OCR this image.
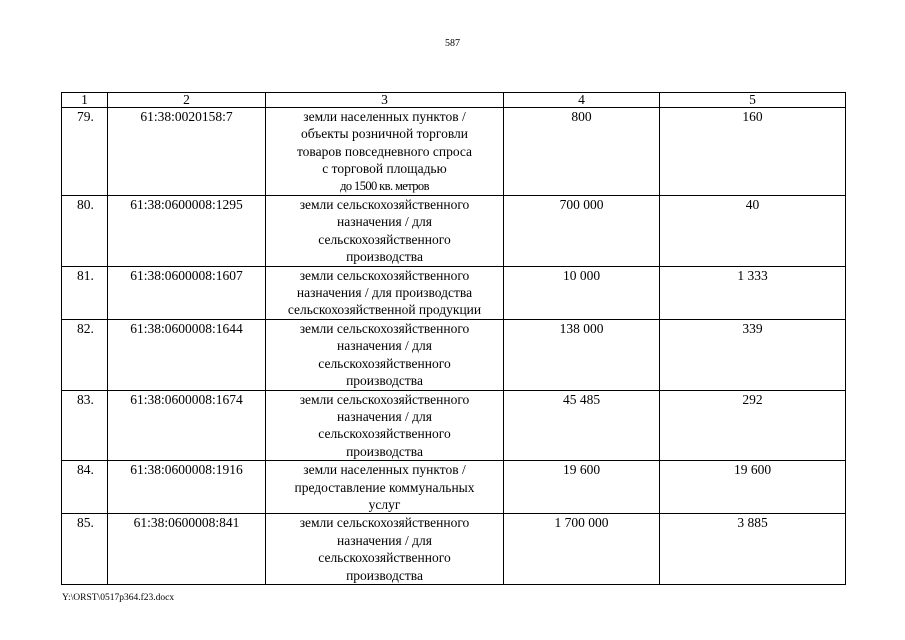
587
1	2	3	4	5
79.	61:38:0020158:7	земли населенных пунктов /
объекты розничной торговли
товаров повседневного спроса
с торговой площадью
до 1500 кв. метров	800	160
80.	61:38:0600008:1295	земли сельскохозяйственного
назначения / для
сельскохозяйственного
производства	700 000	40
81.	61:38:0600008:1607	земли сельскохозяйственного
назначения / для производства
сельскохозяйственной продукции	10 000	1 333
82.	61:38:0600008:1644	земли сельскохозяйственного
назначения / для
сельскохозяйственного
производства	138 000	339
83.	61:38:0600008:1674	земли сельскохозяйственного
назначения / для
сельскохозяйственного
производства	45 485	292
84.	61:38:0600008:1916	земли населенных пунктов /
предоставление коммунальных
услуг	19 600	19 600
85.	61:38:0600008:841	земли сельскохозяйственного
назначения / для
сельскохозяйственного
производства	1 700 000	3 885
Y:\ORST\0517p364.f23.docx
